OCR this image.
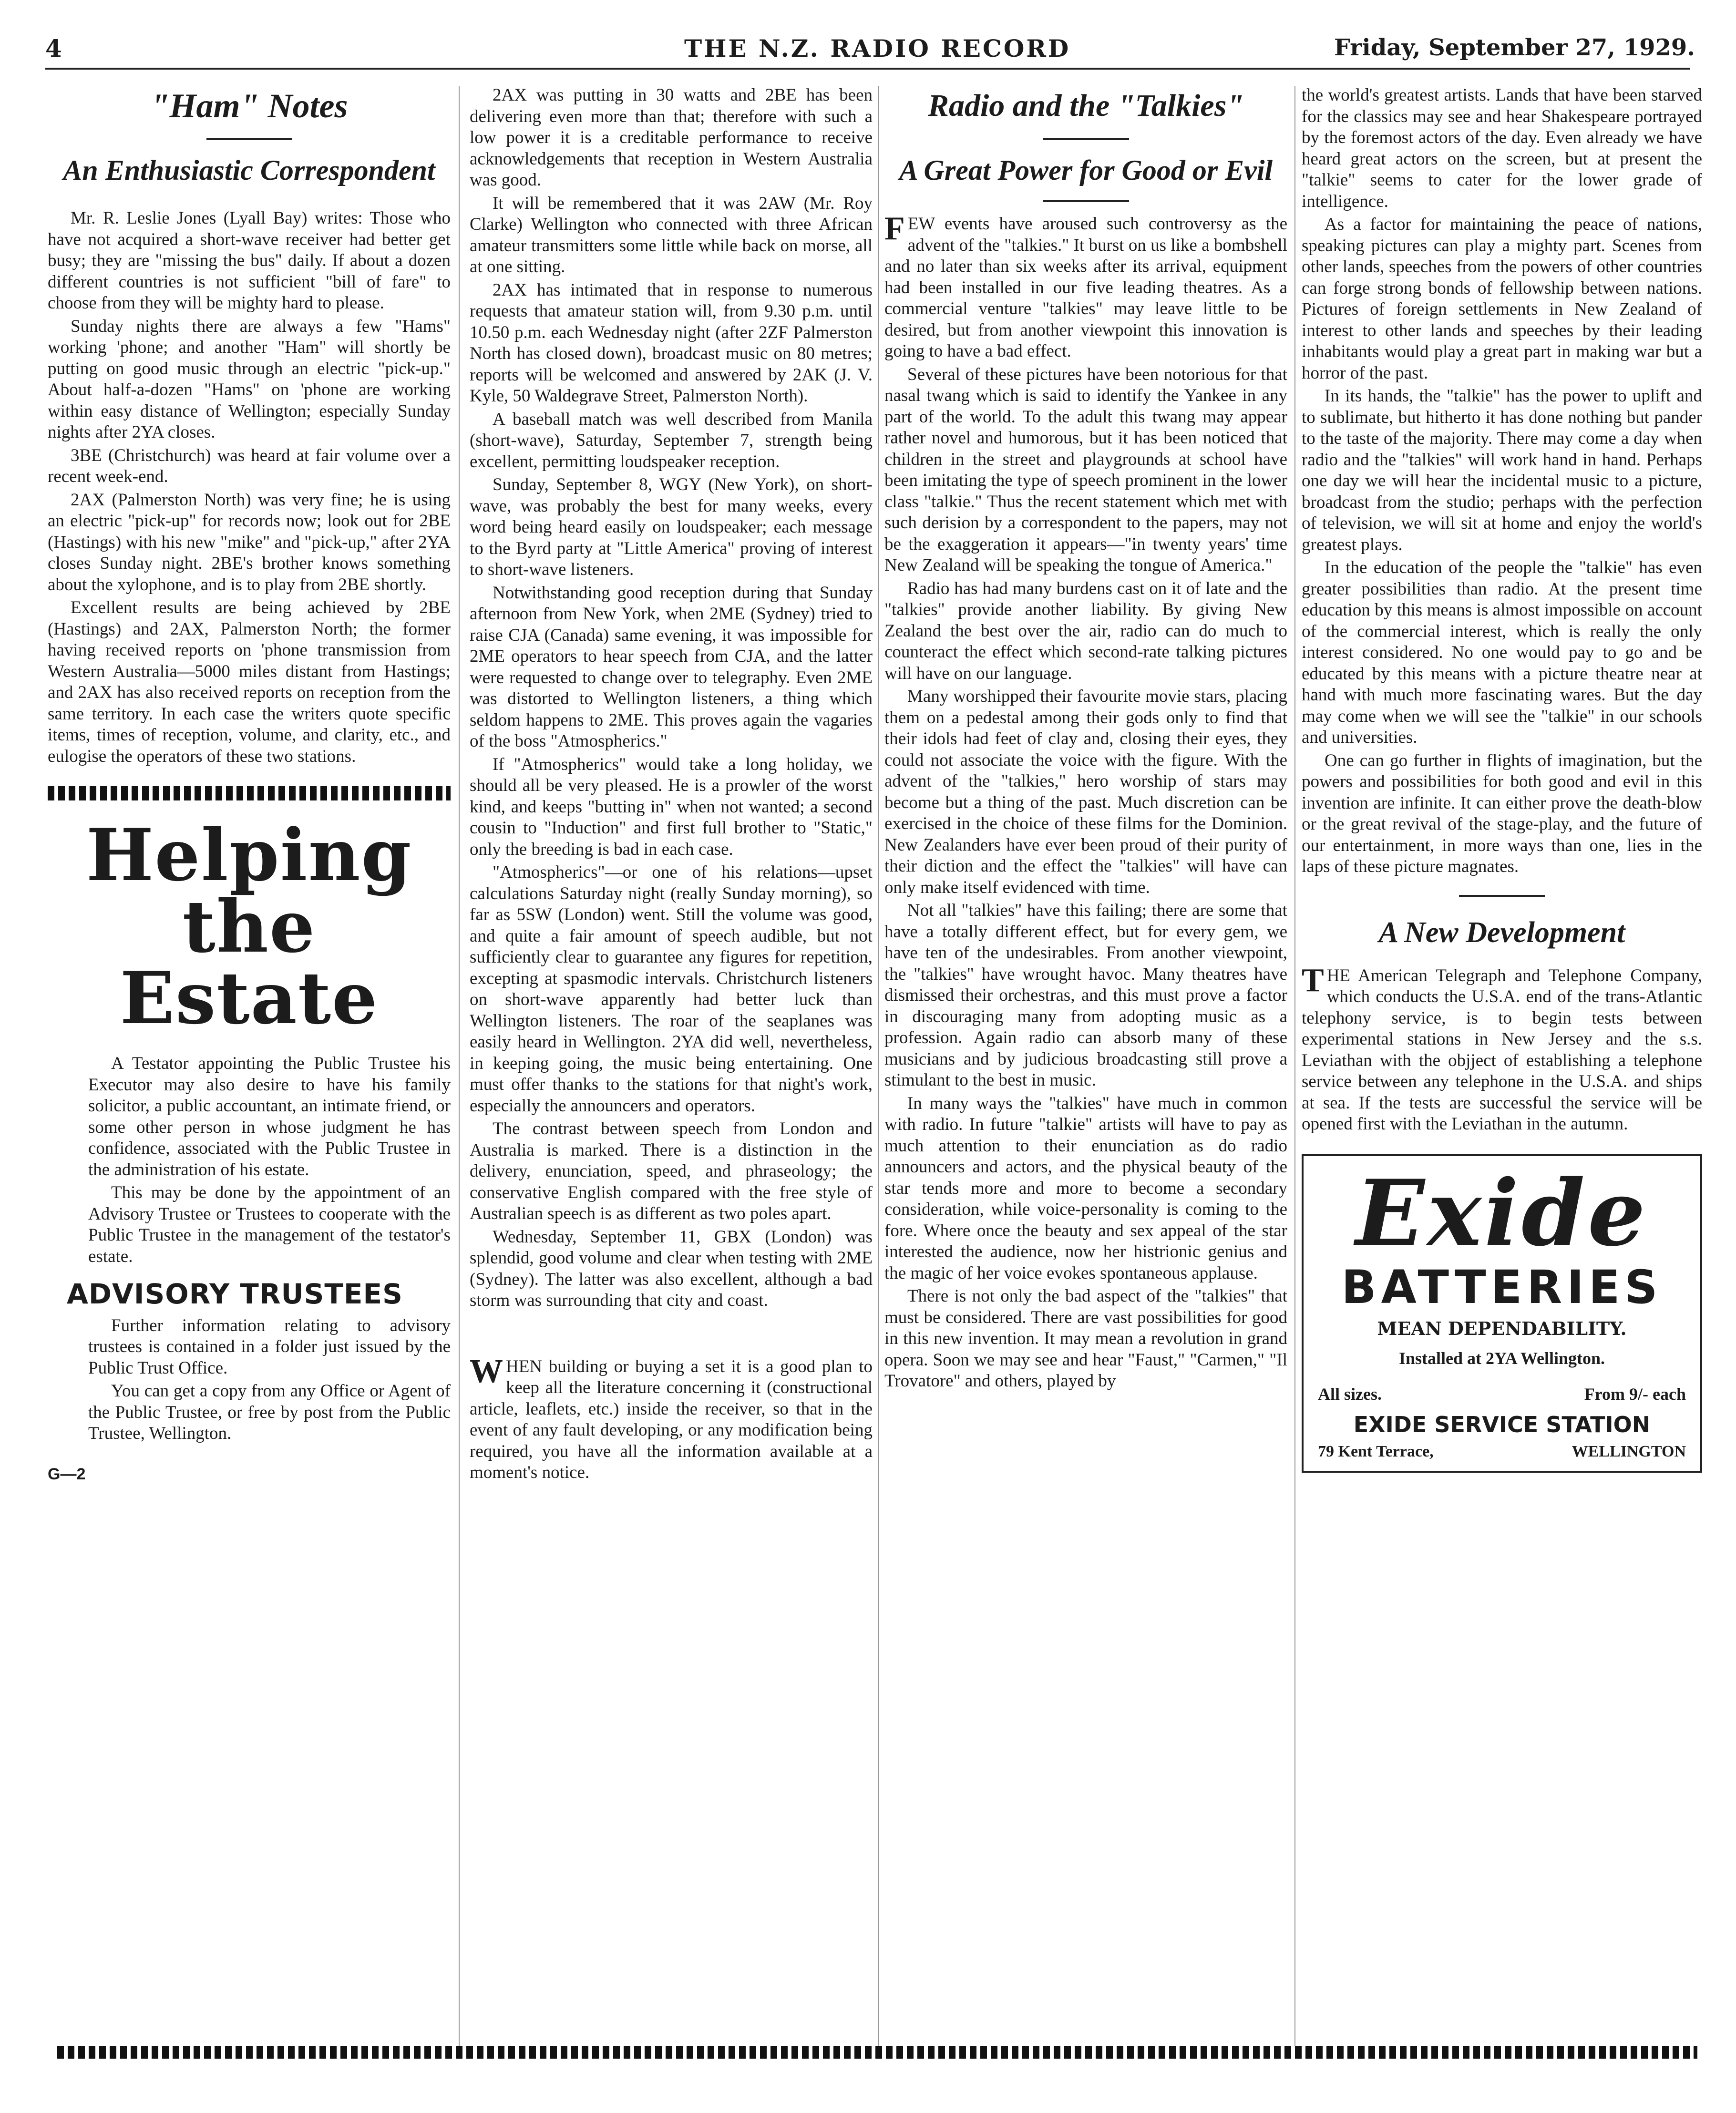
4	THE N.Z. RADIO RECORD	Friday, September 27, 1929.
"Ham" Notes
An Enthusiastic Correspondent

Mr. R. Leslie Jones (Lyall Bay) writes: Those who have not acquired a short-wave receiver had better get busy; they are "missing the bus" daily. If about a dozen different countries is not sufficient "bill of fare" to choose from they will be mighty hard to please.

Sunday nights there are always a few "Hams" working 'phone; and another "Ham" will shortly be putting on good music through an electric "pick-up." About half-a-dozen "Hams" on 'phone are working within easy distance of Wellington; especially Sunday nights after 2YA closes.

3BE (Christchurch) was heard at fair volume over a recent week-end.

2AX (Palmerston North) was very fine; he is using an electric "pick-up" for records now; look out for 2BE (Hastings) with his new "mike" and "pick-up," after 2YA closes Sunday night. 2BE's brother knows something about the xylophone, and is to play from 2BE shortly.

Excellent results are being achieved by 2BE (Hastings) and 2AX, Palmerston North; the former having received reports on 'phone transmission from Western Australia—5000 miles distant from Hastings; and 2AX has also received reports on reception from the same territory. In each case the writers quote specific items, times of reception, volume, and clarity, etc., and eulogise the operators of these two stations.

Helping the Estate

A Testator appointing the Public Trustee his Executor may also desire to have his family solicitor, a public accountant, an intimate friend, or some other person in whose judgment he has confidence, associated with the Public Trustee in the administration of his estate.

This may be done by the appointment of an Advisory Trustee or Trustees to cooperate with the Public Trustee in the management of the testator's estate.

ADVISORY TRUSTEES

Further information relating to advisory trustees is contained in a folder just issued by the Public Trust Office.

You can get a copy from any Office or Agent of the Public Trustee, or free by post from the Public Trustee, Wellington.

G—2

2AX was putting in 30 watts and 2BE has been delivering even more than that; therefore with such a low power it is a creditable performance to receive acknowledgements that reception in Western Australia was good.

It will be remembered that it was 2AW (Mr. Roy Clarke) Wellington who connected with three African amateur transmitters some little while back on morse, all at one sitting.

2AX has intimated that in response to numerous requests that amateur station will, from 9.30 p.m. until 10.50 p.m. each Wednesday night (after 2ZF Palmerston North has closed down), broadcast music on 80 metres; reports will be welcomed and answered by 2AK (J. V. Kyle, 50 Waldegrave Street, Palmerston North).

A baseball match was well described from Manila (short-wave), Saturday, September 7, strength being excellent, permitting loudspeaker reception.

Sunday, September 8, WGY (New York), on short-wave, was probably the best for many weeks, every word being heard easily on loudspeaker; each message to the Byrd party at "Little America" proving of interest to short-wave listeners.

Notwithstanding good reception during that Sunday afternoon from New York, when 2ME (Sydney) tried to raise CJA (Canada) same evening, it was impossible for 2ME operators to hear speech from CJA, and the latter were requested to change over to telegraphy. Even 2ME was distorted to Wellington listeners, a thing which seldom happens to 2ME. This proves again the vagaries of the boss "Atmospherics."

If "Atmospherics" would take a long holiday, we should all be very pleased. He is a prowler of the worst kind, and keeps "butting in" when not wanted; a second cousin to "Induction" and first full brother to "Static," only the breeding is bad in each case.

"Atmospherics"—or one of his relations—upset calculations Saturday night (really Sunday morning), so far as 5SW (London) went. Still the volume was good, and quite a fair amount of speech audible, but not sufficiently clear to guarantee any figures for repetition, excepting at spasmodic intervals. Christchurch listeners on short-wave apparently had better luck than Wellington listeners. The roar of the seaplanes was easily heard in Wellington. 2YA did well, nevertheless, in keeping going, the music being entertaining. One must offer thanks to the stations for that night's work, especially the announcers and operators.

The contrast between speech from London and Australia is marked. There is a distinction in the delivery, enunciation, speed, and phraseology; the conservative English compared with the free style of Australian speech is as different as two poles apart.

Wednesday, September 11, GBX (London) was splendid, good volume and clear when testing with 2ME (Sydney). The latter was also excellent, although a bad storm was surrounding that city and coast.

WHEN building or buying a set it is a good plan to keep all the literature concerning it (constructional article, leaflets, etc.) inside the receiver, so that in the event of any fault developing, or any modification being required, you have all the information available at a moment's notice.

Radio and the "Talkies"
A Great Power for Good or Evil

FEW events have aroused such controversy as the advent of the "talkies." It burst on us like a bombshell and no later than six weeks after its arrival, equipment had been installed in our five leading theatres. As a commercial venture "talkies" may leave little to be desired, but from another viewpoint this innovation is going to have a bad effect.

Several of these pictures have been notorious for that nasal twang which is said to identify the Yankee in any part of the world. To the adult this twang may appear rather novel and humorous, but it has been noticed that children in the street and playgrounds at school have been imitating the type of speech prominent in the lower class "talkie." Thus the recent statement which met with such derision by a correspondent to the papers, may not be the exaggeration it appears—"in twenty years' time New Zealand will be speaking the tongue of America."

Radio has had many burdens cast on it of late and the "talkies" provide another liability. By giving New Zealand the best over the air, radio can do much to counteract the effect which second-rate talking pictures will have on our language.

Many worshipped their favourite movie stars, placing them on a pedestal among their gods only to find that their idols had feet of clay and, closing their eyes, they could not associate the voice with the figure. With the advent of the "talkies," hero worship of stars may become but a thing of the past. Much discretion can be exercised in the choice of these films for the Dominion. New Zealanders have ever been proud of their purity of their diction and the effect the "talkies" will have can only make itself evidenced with time.

Not all "talkies" have this failing; there are some that have a totally different effect, but for every gem, we have ten of the undesirables. From another viewpoint, the "talkies" have wrought havoc. Many theatres have dismissed their orchestras, and this must prove a factor in discouraging many from adopting music as a profession. Again radio can absorb many of these musicians and by judicious broadcasting still prove a stimulant to the best in music.

In many ways the "talkies" have much in common with radio. In future "talkie" artists will have to pay as much attention to their enunciation as do radio announcers and actors, and the physical beauty of the star tends more and more to become a secondary consideration, while voice-personality is coming to the fore. Where once the beauty and sex appeal of the star interested the audience, now her histrionic genius and the magic of her voice evokes spontaneous applause.

There is not only the bad aspect of the "talkies" that must be considered. There are vast possibilities for good in this new invention. It may mean a revolution in grand opera. Soon we may see and hear "Faust," "Carmen," "Il Trovatore" and others, played by

the world's greatest artists. Lands that have been starved for the classics may see and hear Shakespeare portrayed by the foremost actors of the day. Even already we have heard great actors on the screen, but at present the "talkie" seems to cater for the lower grade of intelligence.

As a factor for maintaining the peace of nations, speaking pictures can play a mighty part. Scenes from other lands, speeches from the powers of other countries can forge strong bonds of fellowship between nations. Pictures of foreign settlements in New Zealand of interest to other lands and speeches by their leading inhabitants would play a great part in making war but a horror of the past.

In its hands, the "talkie" has the power to uplift and to sublimate, but hitherto it has done nothing but pander to the taste of the majority. There may come a day when radio and the "talkies" will work hand in hand. Perhaps one day we will hear the incidental music to a picture, broadcast from the studio; perhaps with the perfection of television, we will sit at home and enjoy the world's greatest plays.

In the education of the people the "talkie" has even greater possibilities than radio. At the present time education by this means is almost impossible on account of the commercial interest, which is really the only interest considered. No one would pay to go and be educated by this means with a picture theatre near at hand with much more fascinating wares. But the day may come when we will see the "talkie" in our schools and universities.

One can go further in flights of imagination, but the powers and possibilities for both good and evil in this invention are infinite. It can either prove the death-blow or the great revival of the stage-play, and the future of our entertainment, in more ways than one, lies in the laps of these picture magnates.

A New Development

THE American Telegraph and Telephone Company, which conducts the U.S.A. end of the trans-Atlantic telephony service, is to begin tests between experimental stations in New Jersey and the s.s. Leviathan with the objject of establishing a telephone service between any telephone in the U.S.A. and ships at sea. If the tests are successful the service will be opened first with the Leviathan in the autumn.

Exide
BATTERIES
MEAN DEPENDABILITY.
Installed at 2YA Wellington.
All sizes.	From 9/- each
EXIDE SERVICE STATION
79 Kent Terrace,	WELLINGTON
